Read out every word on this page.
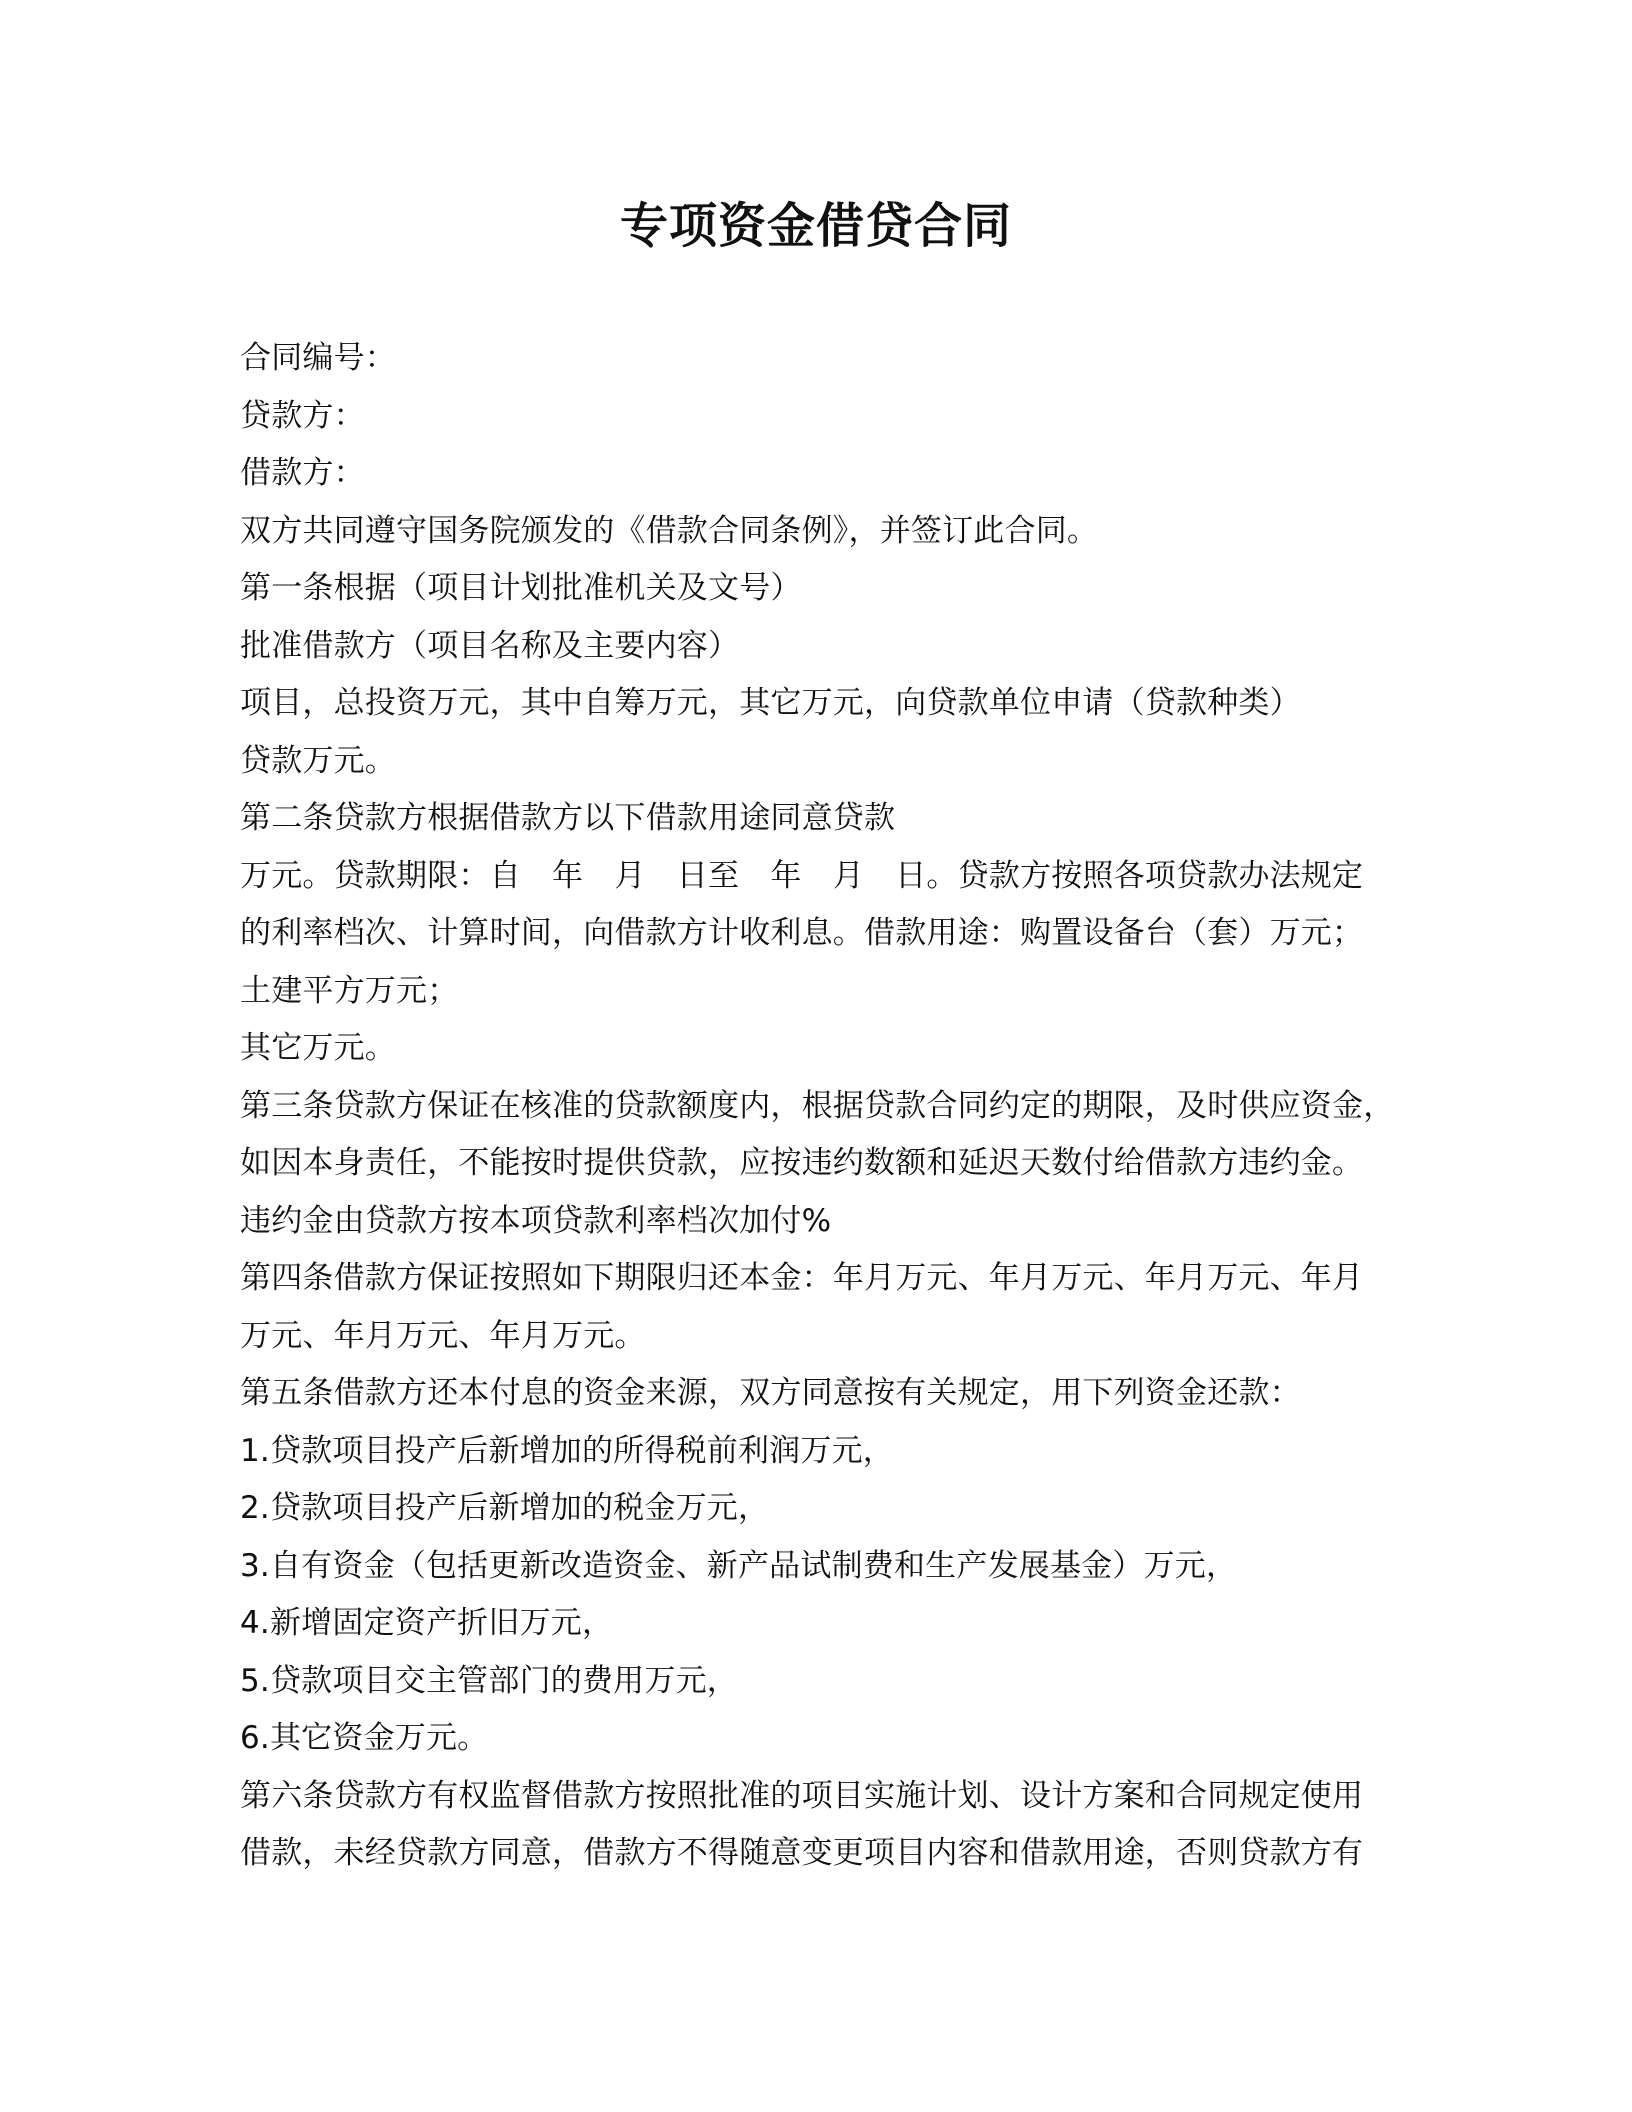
专项资金借贷合同
合同编号：
贷款方：
借款方：
双方共同遵守国务院颁发的《借款合同条例》，并签订此合同。
第一条根据（项目计划批准机关及文号）
批准借款方（项目名称及主要内容）
项目，总投资万元，其中自筹万元，其它万元，向贷款单位申请（贷款种类）
贷款万元。
第二条贷款方根据借款方以下借款用途同意贷款
万元。贷款期限：自　年　月　日至　年　月　日。贷款方按照各项贷款办法规定
的利率档次、计算时间，向借款方计收利息。借款用途：购置设备台（套）万元；
土建平方万元；
其它万元。
第三条贷款方保证在核准的贷款额度内，根据贷款合同约定的期限，及时供应资金，
如因本身责任，不能按时提供贷款，应按违约数额和延迟天数付给借款方违约金。
违约金由贷款方按本项贷款利率档次加付%
第四条借款方保证按照如下期限归还本金：年月万元、年月万元、年月万元、年月
万元、年月万元、年月万元。
第五条借款方还本付息的资金来源，双方同意按有关规定，用下列资金还款：
1.贷款项目投产后新增加的所得税前利润万元，
2.贷款项目投产后新增加的税金万元，
3.自有资金（包括更新改造资金、新产品试制费和生产发展基金）万元，
4.新增固定资产折旧万元，
5.贷款项目交主管部门的费用万元，
6.其它资金万元。
第六条贷款方有权监督借款方按照批准的项目实施计划、设计方案和合同规定使用
借款，未经贷款方同意，借款方不得随意变更项目内容和借款用途，否则贷款方有
